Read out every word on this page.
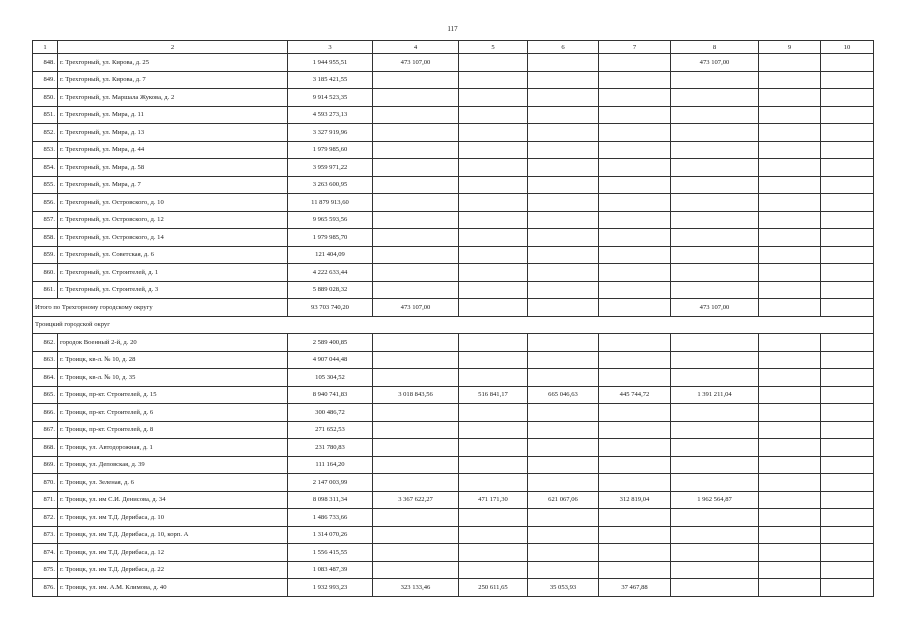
117
1	2	3	4	5	6	7	8	9	10
848.	г. Трехгорный, ул. Кирова, д. 25	1 944 955,51	473 107,00				473 107,00		
849.	г. Трехгорный, ул. Кирова, д. 7	3 185 421,55							
850.	г. Трехгорный, ул. Маршала Жукова, д. 2	9 914 523,35							
851.	г. Трехгорный, ул. Мира, д. 11	4 593 273,13							
852.	г. Трехгорный, ул. Мира, д. 13	3 327 919,96							
853.	г. Трехгорный, ул. Мира, д. 44	1 979 985,60							
854.	г. Трехгорный, ул. Мира, д. 58	3 959 971,22							
855.	г. Трехгорный, ул. Мира, д. 7	3 263 600,95							
856.	г. Трехгорный, ул. Островского, д. 10	11 879 913,60							
857.	г. Трехгорный, ул. Островского, д. 12	9 965 593,56							
858.	г. Трехгорный, ул. Островского, д. 14	1 979 985,70							
859.	г. Трехгорный, ул. Советская, д. 6	121 404,09							
860.	г. Трехгорный, ул. Строителей, д. 1	4 222 633,44							
861.	г. Трехгорный, ул. Строителей, д. 3	5 889 028,32							
Итого по Трехгорному городскому округу		93 703 740,20	473 107,00				473 107,00		
Троицкий городской округ									
862.	городок Военный 2-й, д. 20	2 589 400,85							
863.	г. Троицк, кв-л. № 10, д. 28	4 907 044,48							
864.	г. Троицк, кв-л. № 10, д. 35	105 304,52							
865.	г. Троицк, пр-кт. Строителей, д. 15	8 940 741,83	3 018 843,56	516 841,17	665 046,63	445 744,72	1 391 211,04		
866.	г. Троицк, пр-кт. Строителей, д. 6	300 486,72							
867.	г. Троицк, пр-кт. Строителей, д. 8	271 652,53							
868.	г. Троицк, ул. Автодорожная, д. 1	231 780,83							
869.	г. Троицк, ул. Деповская, д. 39	111 164,20							
870.	г. Троицк, ул. Зеленая, д. 6	2 147 003,99							
871.	г. Троицк, ул. им С.И. Денисова, д. 34	8 098 311,34	3 367 622,27	471 171,30	621 067,06	312 819,04	1 962 564,87		
872.	г. Троицк, ул. им Т.Д. Дерибаса, д. 10	1 486 733,66							
873.	г. Троицк, ул. им Т.Д. Дерибаса, д. 10, корп. А	1 314 070,26							
874.	г. Троицк, ул. им Т.Д. Дерибаса, д. 12	1 556 415,55							
875.	г. Троицк, ул. им Т.Д. Дерибаса, д. 22	1 083 487,39							
876.	г. Троицк, ул. им. А.М. Климова, д. 40	1 932 993,23	323 133,46	250 611,65	35 053,93	37 467,88			
